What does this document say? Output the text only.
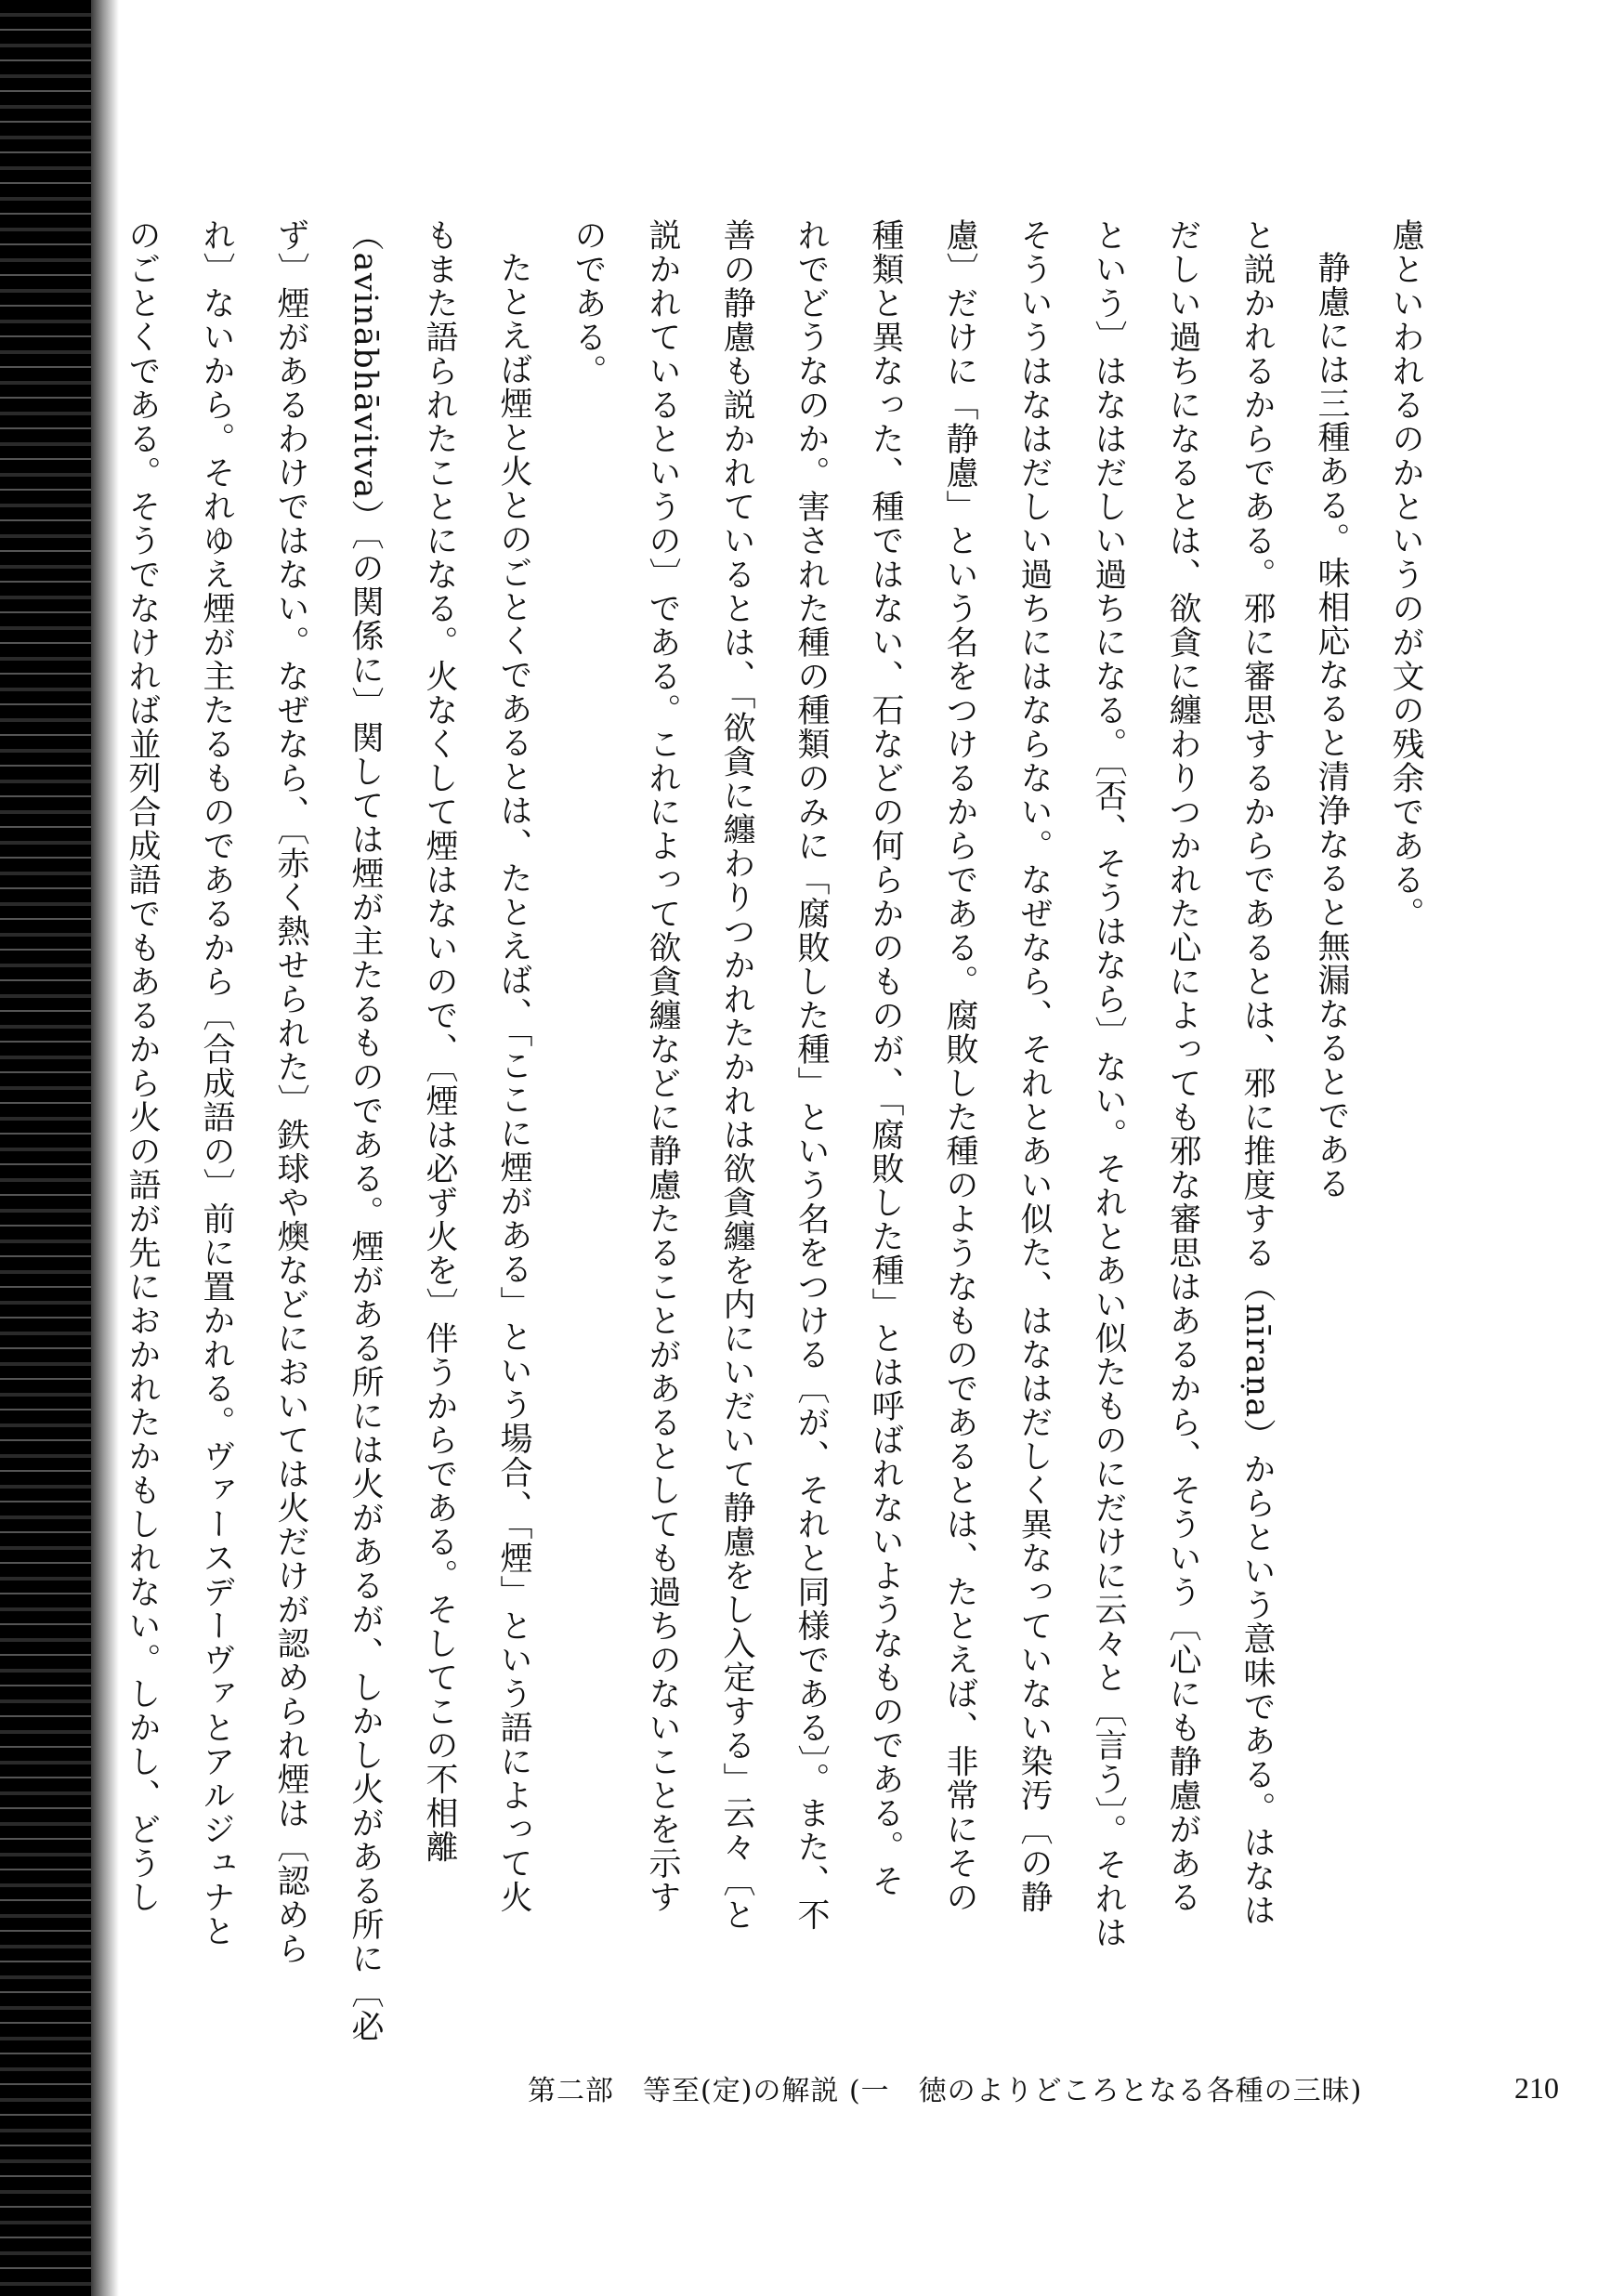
慮といわれるのかというのが文の残余である。
静慮には三種ある。味相応なると清浄なると無漏なるとである
と説かれるからである。邪に審思するからであるとは、邪に推度する（nīraṇa）からという意味である。はなは
だしい過ちになるとは、欲貪に纏わりつかれた心によっても邪な審思はあるから、そういう〔心にも静慮がある
という〕はなはだしい過ちになる。〔否、そうはなら〕ない。それとあい似たものにだけに云々と〔言う〕。それは
そういうはなはだしい過ちにはならない。なぜなら、それとあい似た、はなはだしく異なっていない染汚〔の静
慮〕だけに「静慮」という名をつけるからである。腐敗した種のようなものであるとは、たとえば、非常にその
種類と異なった、種ではない、石などの何らかのものが、「腐敗した種」とは呼ばれないようなものである。そ
れでどうなのか。害された種の種類のみに「腐敗した種」という名をつける〔が、それと同様である〕。また、不
善の静慮も説かれているとは、「欲貪に纏わりつかれたかれは欲貪纏を内にいだいて静慮をし入定する」云々〔と
説かれているというの〕である。これによって欲貪纏などに静慮たることがあるとしても過ちのないことを示す
のである。
たとえば煙と火とのごとくであるとは、たとえば、「ここに煙がある」という場合、「煙」という語によって火
もまた語られたことになる。火なくして煙はないので、〔煙は必ず火を〕伴うからである。そしてこの不相離
（avinābhāvitva）〔の関係に〕関しては煙が主たるものである。煙がある所には火があるが、しかし火がある所に〔必
ず〕煙があるわけではない。なぜなら、〔赤く熱せられた〕鉄球や燠などにおいては火だけが認められ煙は〔認めら
れ〕ないから。それゆえ煙が主たるものであるから〔合成語の〕前に置かれる。ヴァースデーヴァとアルジュナと
のごとくである。そうでなければ並列合成語でもあるから火の語が先におかれたかもしれない。しかし、どうし
第二部　等至(定)の解説 (一　徳のよりどころとなる各種の三昧)	210
